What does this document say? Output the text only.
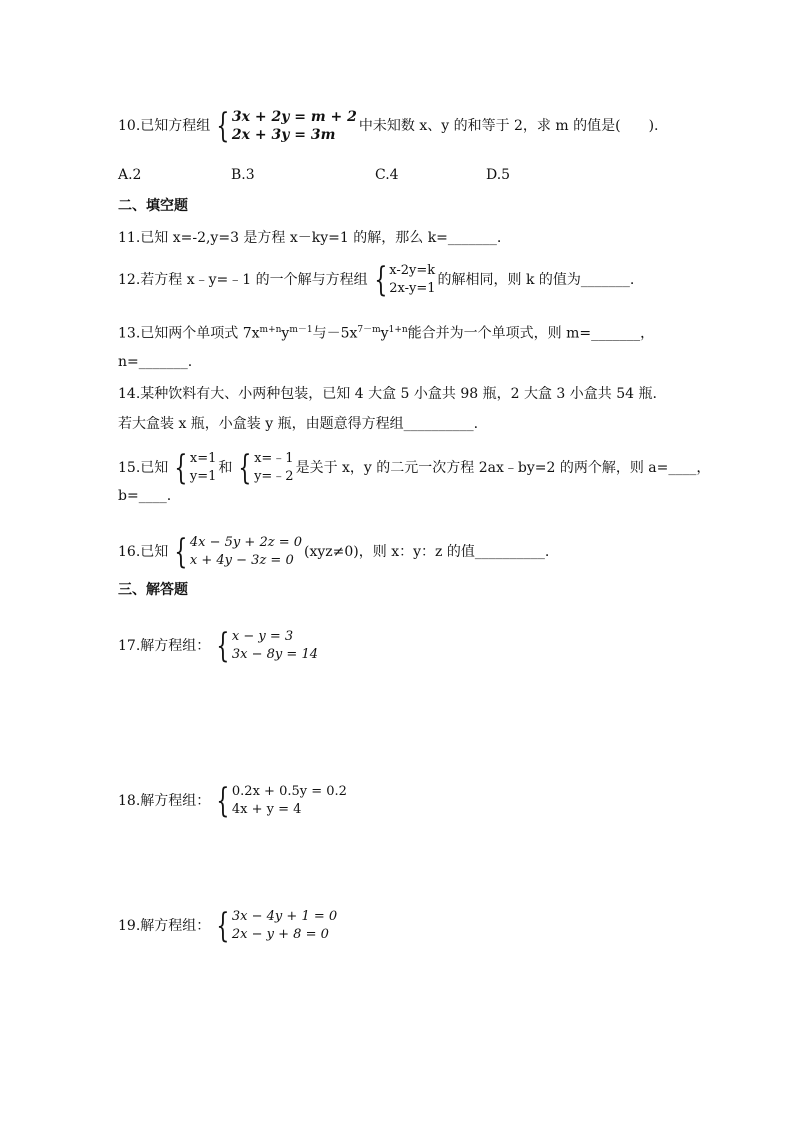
10.已知方程组 { 3x + 2y = m + 2
2x + 3y = 3m
中未知数 x、y 的和等于 2，求 m 的值是(　　).
A.2	B.3	C.4	D.5
二、填空题
11.已知 x=-2,y=3 是方程 x－ky=1 的解，那么 k=_______.
12.若方程 x﹣y=﹣1 的一个解与方程组 { x-2y=k
2x-y=1
的解相同，则 k 的值为_______.
13.已知两个单项式 $7x^{m+n}y^{m-1}$与$-5x^{7-m}y^{1+n}$能合并为一个单项式，则 m=_______，
n=_______.
14.某种饮料有大、小两种包装，已知 4 大盒 5 小盒共 98 瓶，2 大盒 3 小盒共 54 瓶.
若大盒装 x 瓶，小盒装 y 瓶，由题意得方程组__________.
15.已知 { x=1
y=1
和 { x=﹣1
y=﹣2
是关于 x，y 的二元一次方程 2ax﹣by=2 的两个解，则 a=____，
b=____.
16.已知 { 4x − 5y + 2z = 0
x + 4y − 3z = 0
(xyz≠0)，则 x：y：z 的值__________.
三、解答题
17.解方程组： { x − y = 3
3x − 8y = 14
18.解方程组： { 0.2x + 0.5y = 0.2
4x + y = 4
19.解方程组： { 3x − 4y + 1 = 0
2x − y + 8 = 0
